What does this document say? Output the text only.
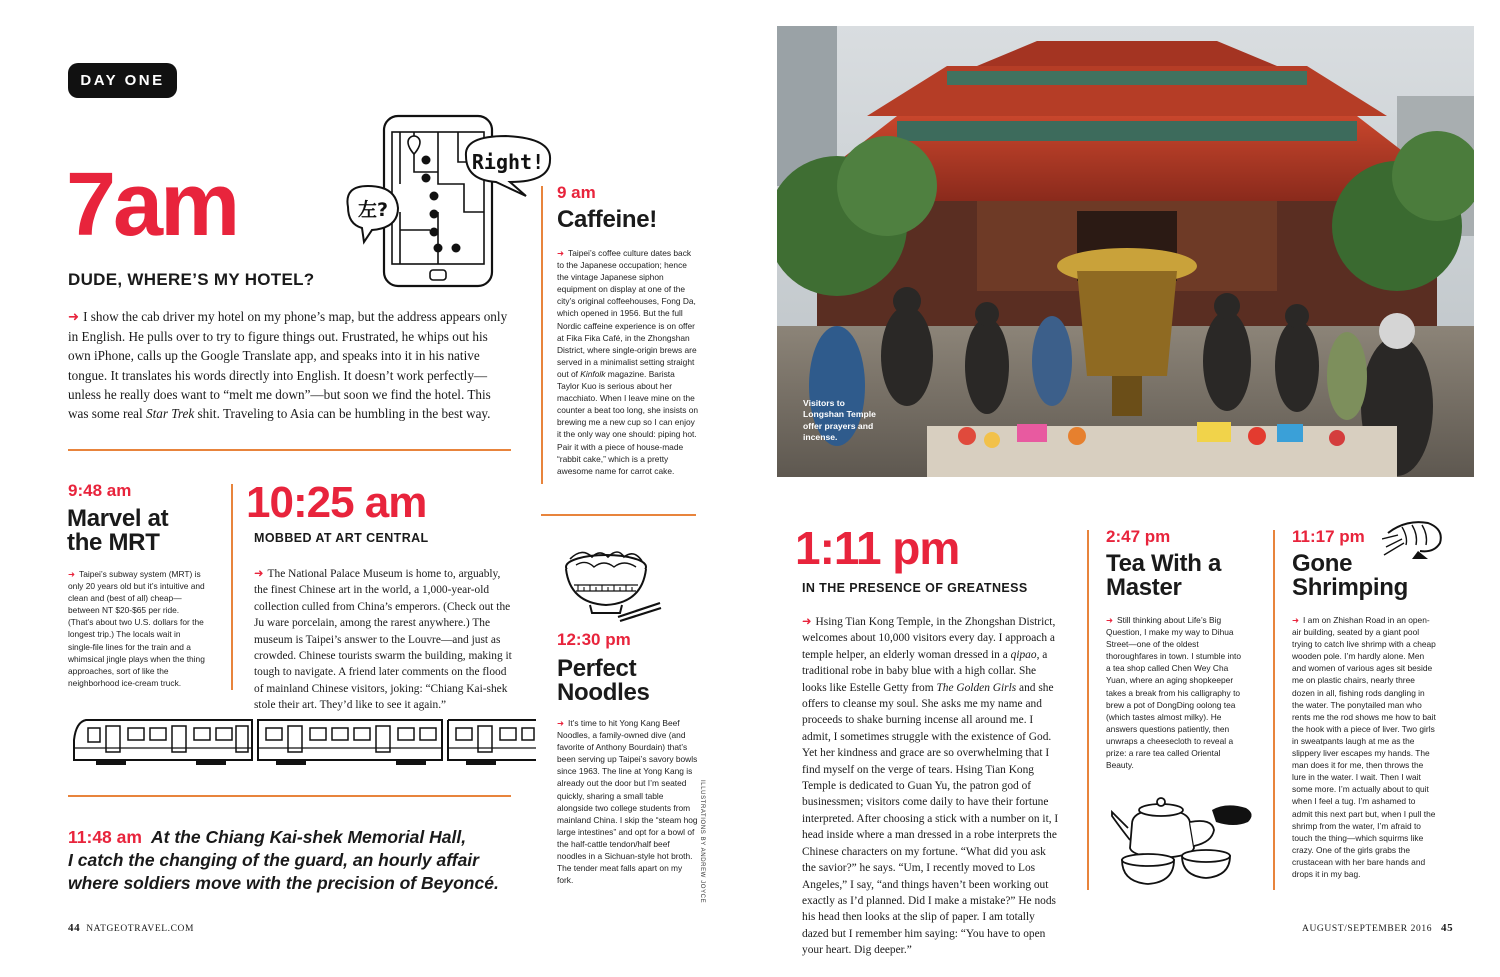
DAY ONE
7am	左?
Right!
DUDE, WHERE’S MY HOTEL?

➜ I show the cab driver my hotel on my phone’s map, but the address appears only in English. He pulls over to try to figure things out. Frustrated, he whips out his own iPhone, calls up the Google Translate app, and speaks into it in his native tongue. It translates his words directly into English. It doesn’t work perfectly—unless he really does want to “melt me down”—but soon we find the hotel. This was some real Star Trek shit. Traveling to Asia can be humbling in the best way.

9:48 am
Marvel at
the MRT

➜ Taipei’s subway system (MRT) is only 20 years old but it’s intuitive and clean and (best of all) cheap—between NT $20-$65 per ride. (That’s about two U.S. dollars for the longest trip.) The locals wait in single-file lines for the train and a whimsical jingle plays when the thing approaches, sort of like the neighborhood ice-cream truck.

10:25 am
MOBBED AT ART CENTRAL

➜ The National Palace Museum is home to, arguably, the finest Chinese art in the world, a 1,000-year-old collection culled from China’s emperors. (Check out the Ju ware porcelain, among the rarest anywhere.) The museum is Taipei’s answer to the Louvre—and just as crowded. Chinese tourists swarm the building, making it tough to navigate. A friend later comments on the flood of mainland Chinese visitors, joking: “Chiang Kai-shek stole their art. They’d like to see it again.”

11:48 am At the Chiang Kai-shek Memorial Hall,
I catch the changing of the guard, an hourly affair
where soldiers move with the precision of Beyoncé.
9 am
Caffeine!

➜ Taipei’s coffee culture dates back to the Japanese occupation; hence the vintage Japanese siphon equipment on display at one of the city’s original coffeehouses, Fong Da, which opened in 1956. But the full Nordic caffeine experience is on offer at Fika Fika Café, in the Zhongshan District, where single-origin brews are served in a minimalist setting straight out of Kinfolk magazine. Barista Taylor Kuo is serious about her macchiato. When I leave mine on the counter a beat too long, she insists on brewing me a new cup so I can enjoy it the only way one should: piping hot. Pair it with a piece of house-made “rabbit cake,” which is a pretty awesome name for carrot cake.

12:30 pm
Perfect
Noodles

➜ It’s time to hit Yong Kang Beef Noodles, a family-owned dive (and favorite of Anthony Bourdain) that’s been serving up Taipei’s savory bowls since 1963. The line at Yong Kang is already out the door but I’m seated quickly, sharing a small table alongside two college students from mainland China. I skip the “steam hog large intestines” and opt for a bowl of the half-cattle tendon/half beef noodles in a Sichuan-style hot broth. The tender meat falls apart on my fork.	ILLUSTRATIONS BY ANDREW JOYCE
44 NATGEOTRAVEL.COM
Visitors to Longshan Temple offer prayers and incense.
1:11 pm
IN THE PRESENCE OF GREATNESS

➜ Hsing Tian Kong Temple, in the Zhongshan District, welcomes about 10,000 visitors every day. I approach a temple helper, an elderly woman dressed in a qipao, a traditional robe in baby blue with a high collar. She looks like Estelle Getty from The Golden Girls and she offers to cleanse my soul. She asks me my name and proceeds to shake burning incense all around me. I admit, I sometimes struggle with the existence of God. Yet her kindness and grace are so overwhelming that I find myself on the verge of tears. Hsing Tian Kong Temple is dedicated to Guan Yu, the patron god of businessmen; visitors come daily to have their fortune interpreted. After choosing a stick with a number on it, I head inside where a man dressed in a robe interprets the Chinese characters on my fortune. “What did you ask the savior?” he says. “Um, I recently moved to Los Angeles,” I say, “and things haven’t been working out exactly as I’d planned. Did I make a mistake?” He nods his head then looks at the slip of paper. I am totally dazed but I remember him saying: “You have to open your heart. Dig deeper.”

2:47 pm
Tea With a
Master

➜ Still thinking about Life’s Big Question, I make my way to Dihua Street—one of the oldest thoroughfares in town. I stumble into a tea shop called Chen Wey Cha Yuan, where an aging shopkeeper takes a break from his calligraphy to brew a pot of DongDing oolong tea (which tastes almost milky). He answers questions patiently, then unwraps a cheesecloth to reveal a prize: a rare tea called Oriental Beauty.

11:17 pm
Gone
Shrimping

➜ I am on Zhishan Road in an open-air building, seated by a giant pool trying to catch live shrimp with a cheap wooden pole. I’m hardly alone. Men and women of various ages sit beside me on plastic chairs, nearly three dozen in all, fishing rods dangling in the water. The ponytailed man who rents me the rod shows me how to bait the hook with a piece of liver. Two girls in sweatpants laugh at me as the slippery liver escapes my hands. The man does it for me, then throws the lure in the water. I wait. Then I wait some more. I’m actually about to quit when I feel a tug. I’m ashamed to admit this next part but, when I pull the shrimp from the water, I’m afraid to touch the thing—which squirms like crazy. One of the girls grabs the crustacean with her bare hands and drops it in my bag.

AUGUST/SEPTEMBER 2016 45
